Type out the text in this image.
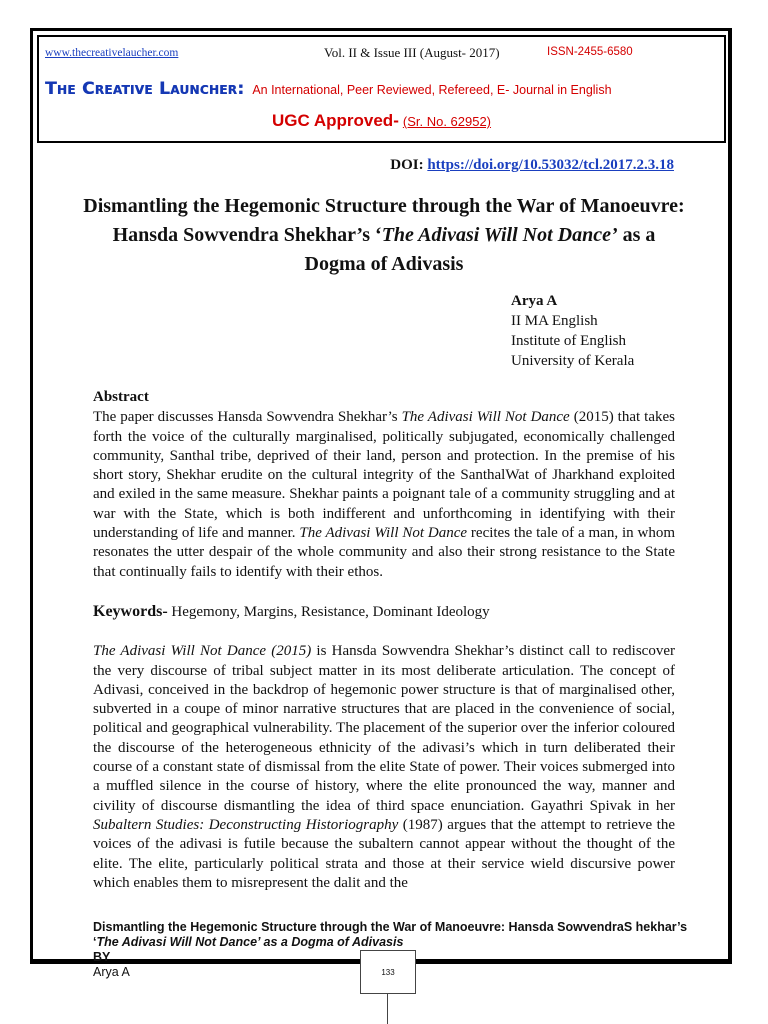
www.thecreativelaucher.com	Vol. II & Issue III (August- 2017)	ISSN-2455-6580
The Creative Launcher: An International, Peer Reviewed, Refereed, E- Journal in English
UGC Approved- (Sr. No. 62952)
DOI: https://doi.org/10.53032/tcl.2017.2.3.18
Dismantling the Hegemonic Structure through the War of Manoeuvre: Hansda Sowvendra Shekhar’s ‘The Adivasi Will Not Dance’ as a Dogma of Adivasis
Arya A
II MA English
Institute of English
University of Kerala
Abstract

The paper discusses Hansda Sowvendra Shekhar’s The Adivasi Will Not Dance (2015) that takes forth the voice of the culturally marginalised, politically subjugated, economically challenged community, Santhal tribe, deprived of their land, person and protection. In the premise of his short story, Shekhar erudite on the cultural integrity of the SanthalWat of Jharkhand exploited and exiled in the same measure. Shekhar paints a poignant tale of a community struggling and at war with the State, which is both indifferent and unforthcoming in identifying with their understanding of life and manner. The Adivasi Will Not Dance recites the tale of a man, in whom resonates the utter despair of the whole community and also their strong resistance to the State that continually fails to identify with their ethos.

Keywords- Hegemony, Margins, Resistance, Dominant Ideology

The Adivasi Will Not Dance (2015) is Hansda Sowvendra Shekhar’s distinct call to rediscover the very discourse of tribal subject matter in its most deliberate articulation. The concept of Adivasi, conceived in the backdrop of hegemonic power structure is that of marginalised other, subverted in a coupe of minor narrative structures that are placed in the convenience of social, political and geographical vulnerability. The placement of the superior over the inferior coloured the discourse of the heterogeneous ethnicity of the adivasi’s which in turn deliberated their course of a constant state of dismissal from the elite State of power. Their voices submerged into a muffled silence in the course of history, where the elite pronounced the way, manner and civility of discourse dismantling the idea of third space enunciation. Gayathri Spivak in her Subaltern Studies: Deconstructing Historiography (1987) argues that the attempt to retrieve the voices of the adivasi is futile because the subaltern cannot appear without the thought of the elite. The elite, particularly political strata and those at their service wield discursive power which enables them to misrepresent the dalit and the

Dismantling the Hegemonic Structure through the War of Manoeuvre: Hansda SowvendraS hekhar’s ‘The Adivasi Will Not Dance’ as a Dogma of Adivasis
BY
Arya A	133
